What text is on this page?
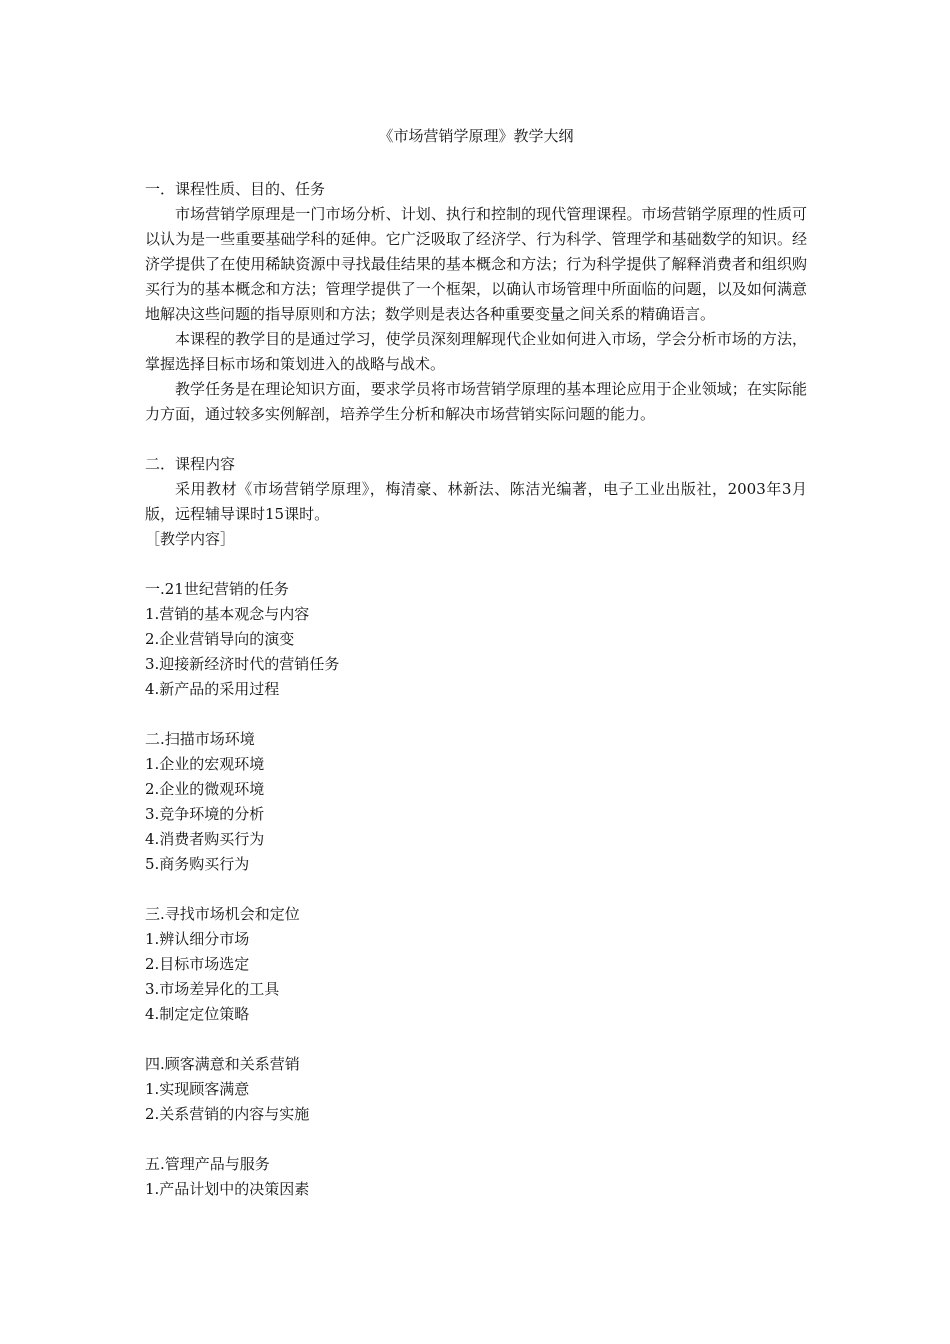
《市场营销学原理》教学大纲

一．课程性质、目的、任务

市场营销学原理是一门市场分析、计划、执行和控制的现代管理课程。市场营销学原理的性质可以认为是一些重要基础学科的延伸。它广泛吸取了经济学、行为科学、管理学和基础数学的知识。经济学提供了在使用稀缺资源中寻找最佳结果的基本概念和方法；行为科学提供了解释消费者和组织购买行为的基本概念和方法；管理学提供了一个框架，以确认市场管理中所面临的问题，以及如何满意地解决这些问题的指导原则和方法；数学则是表达各种重要变量之间关系的精确语言。

本课程的教学目的是通过学习，使学员深刻理解现代企业如何进入市场，学会分析市场的方法，掌握选择目标市场和策划进入的战略与战术。

教学任务是在理论知识方面，要求学员将市场营销学原理的基本理论应用于企业领域；在实际能力方面，通过较多实例解剖，培养学生分析和解决市场营销实际问题的能力。

二．课程内容

采用教材《市场营销学原理》，梅清豪、林新法、陈洁光编著，电子工业出版社，2003年3月版，远程辅导课时15课时。

［教学内容］

一.21世纪营销的任务

1.营销的基本观念与内容

2.企业营销导向的演变

3.迎接新经济时代的营销任务

4.新产品的采用过程

二.扫描市场环境

1.企业的宏观环境

2.企业的微观环境

3.竞争环境的分析

4.消费者购买行为

5.商务购买行为

三.寻找市场机会和定位

1.辨认细分市场

2.目标市场选定

3.市场差异化的工具

4.制定定位策略

四.顾客满意和关系营销

1.实现顾客满意

2.关系营销的内容与实施

五.管理产品与服务

1.产品计划中的决策因素
